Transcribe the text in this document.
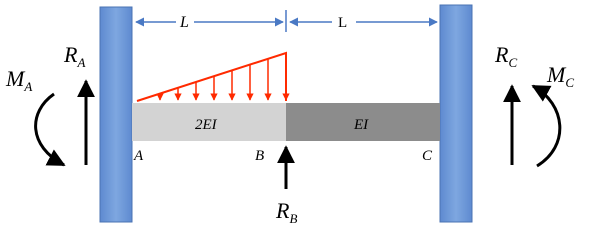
2EI	EI
L	L
A	B	C
$M_A$
$R_A$
$R_B$
$R_C$ $M_C$
